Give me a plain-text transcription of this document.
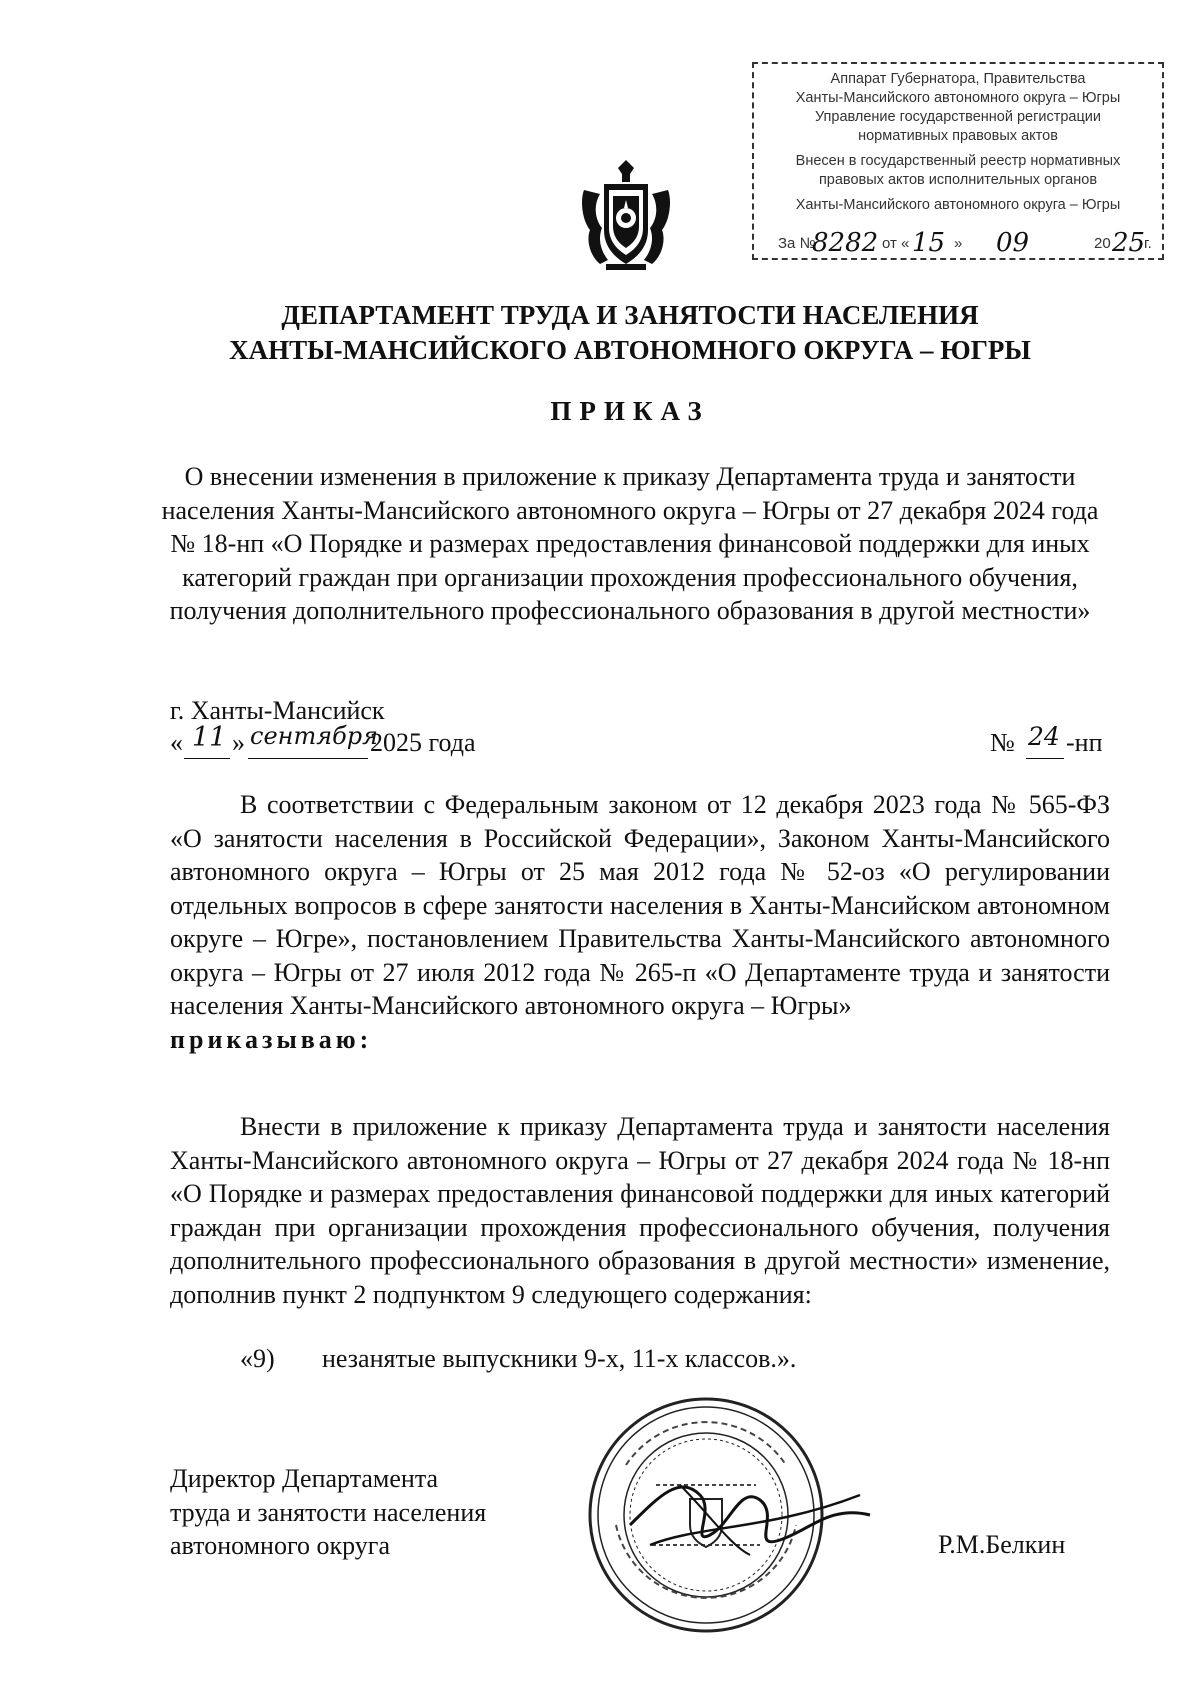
Аппарат Губернатора, Правительства
Ханты-Мансийского автономного округа – Югры
Управление государственной регистрации
нормативных правовых актов
Внесен в государственный реестр нормативных
правовых актов исполнительных органов
Ханты-Мансийского автономного округа – Югры
За №
8282 от « 15 » 09	20 25
г.
ДЕПАРТАМЕНТ ТРУДА И ЗАНЯТОСТИ НАСЕЛЕНИЯ
ХАНТЫ-МАНСИЙСКОГО АВТОНОМНОГО ОКРУГА – ЮГРЫ
ПРИКАЗ
О внесении изменения в приложение к приказу Департамента труда и занятости населения Ханты-Мансийского автономного округа – Югры от 27 декабря 2024 года № 18-нп «О Порядке и размерах предоставления финансовой поддержки для иных категорий граждан при организации прохождения профессионального обучения, получения дополнительного профессионального образования в другой местности»
г. Ханты-Мансийск
« 11 » сентября
2025 года	№ 24 -нп
В соответствии с Федеральным законом от 12 декабря 2023 года № 565-ФЗ «О занятости населения в Российской Федерации», Законом Ханты-Мансийского автономного округа – Югры от 25 мая 2012 года № 52-оз «О регулировании отдельных вопросов в сфере занятости населения в Ханты-Мансийском автономном округе – Югре», постановлением Правительства Ханты-Мансийского автономного округа – Югры от 27 июля 2012 года № 265-п «О Департаменте труда и занятости населения Ханты-Мансийского автономного округа – Югры»
приказываю:
Внести в приложение к приказу Департамента труда и занятости населения Ханты-Мансийского автономного округа – Югры от 27 декабря 2024 года № 18-нп «О Порядке и размерах предоставления финансовой поддержки для иных категорий граждан при организации прохождения профессионального обучения, получения дополнительного профессионального образования в другой местности» изменение, дополнив пункт 2 подпунктом 9 следующего содержания:
«9) незанятые выпускники 9-х, 11-х классов.».
Директор Департамента
труда и занятости населения
автономного округа	Р.М.Белкин
